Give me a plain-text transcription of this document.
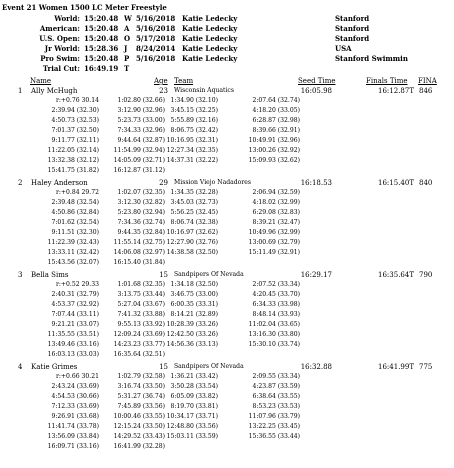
Event 21 Women 1500 LC Meter Freestyle
World: 15:20.48 W 5/16/2018 Katie Ledecky	Stanford
American: 15:20.48 A 5/16/2018 Katie Ledecky	Stanford
U.S. Open: 15:20.48 O 5/17/2018 Katie Ledecky	Stanford
Jr World: 15:28.36 J 8/24/2014 Katie Ledecky	USA
Pro Swim: 15:20.48 P 5/16/2018 Katie Ledecky	Stanford Swimmin
Trial Cut: 16:49.19 T
Name	Age Team	Seed Time	Finals Time FINA
1 Ally McHugh	23 Wisconsin Aquatics	16:05.98	16:12.87T 846
r:+0.76 30.14	1:02.80 (32.66) 1:34.90 (32.10)	2:07.64 (32.74)
2:39.94 (32.30)	3:12.90 (32.96) 3:45.15 (32.25)	4:18.20 (33.05)
4:50.73 (32.53)	5:23.73 (33.00) 5:55.89 (32.16)	6:28.87 (32.98)
7:01.37 (32.50)	7:34.33 (32.96) 8:06.75 (32.42)	8:39.66 (32.91)
9:11.77 (32.11)	9:44.64 (32.87) 10:16.95 (32.31)	10:49.91 (32.96)
11:22.05 (32.14) 11:54.99 (32.94) 12:27.34 (32.35)	13:00.26 (32.92)
13:32.38 (32.12) 14:05.09 (32.71) 14:37.31 (32.22)	15:09.93 (32.62)
15:41.75 (31.82) 16:12.87 (31.12)
2 Haley Anderson	29 Mission Viejo Nadadores	16:18.53	16:15.40T 840
r:+0.84 29.72	1:02.07 (32.35) 1:34.35 (32.28)	2:06.94 (32.59)
2:39.48 (32.54)	3:12.30 (32.82) 3:45.03 (32.73)	4:18.02 (32.99)
4:50.86 (32.84)	5:23.80 (32.94) 5:56.25 (32.45)	6:29.08 (32.83)
7:01.62 (32.54)	7:34.36 (32.74) 8:06.74 (32.38)	8:39.21 (32.47)
9:11.51 (32.30)	9:44.35 (32.84) 10:16.97 (32.62)	10:49.96 (32.99)
11:22.39 (32.43) 11:55.14 (32.75) 12:27.90 (32.76)	13:00.69 (32.79)
13:33.11 (32.42) 14:06.08 (32.97) 14:38.58 (32.50)	15:11.49 (32.91)
15:43.56 (32.07) 16:15.40 (31.84)
3 Bella Sims	15 Sandpipers Of Nevada	16:29.17	16:35.64T 790
r:+0.52 29.33	1:01.68 (32.35) 1:34.18 (32.50)	2:07.52 (33.34)
2:40.31 (32.79)	3:13.75 (33.44) 3:46.75 (33.00)	4:20.45 (33.70)
4:53.37 (32.92)	5:27.04 (33.67) 6:00.35 (33.31)	6:34.33 (33.98)
7:07.44 (33.11)	7:41.32 (33.88) 8:14.21 (32.89)	8:48.14 (33.93)
9:21.21 (33.07)	9:55.13 (33.92) 10:28.39 (33.26)	11:02.04 (33.65)
11:35.55 (33.51) 12:09.24 (33.69) 12:42.50 (33.26)	13:16.30 (33.80)
13:49.46 (33.16) 14:23.23 (33.77) 14:56.36 (33.13)	15:30.10 (33.74)
16:03.13 (33.03) 16:35.64 (32.51)
4 Katie Grimes	15 Sandpipers Of Nevada	16:32.88	16:41.99T 775
r:+0.66 30.21	1:02.79 (32.58) 1:36.21 (33.42)	2:09.55 (33.34)
2:43.24 (33.69)	3:16.74 (33.50) 3:50.28 (33.54)	4:23.87 (33.59)
4:54.53 (30.66)	5:31.27 (36.74) 6:05.09 (33.82)	6:38.64 (33.55)
7:12.33 (33.69)	7:45.89 (33.56) 8:19.70 (33.81)	8:53.23 (33.53)
9:26.91 (33.68) 10:00.46 (33.55) 10:34.17 (33.71)	11:07.96 (33.79)
11:41.74 (33.78) 12:15.24 (33.50) 12:48.80 (33.56)	13:22.25 (33.45)
13:56.09 (33.84) 14:29.52 (33.43) 15:03.11 (33.59)	15:36.55 (33.44)
16:09.71 (33.16) 16:41.99 (32.28)
